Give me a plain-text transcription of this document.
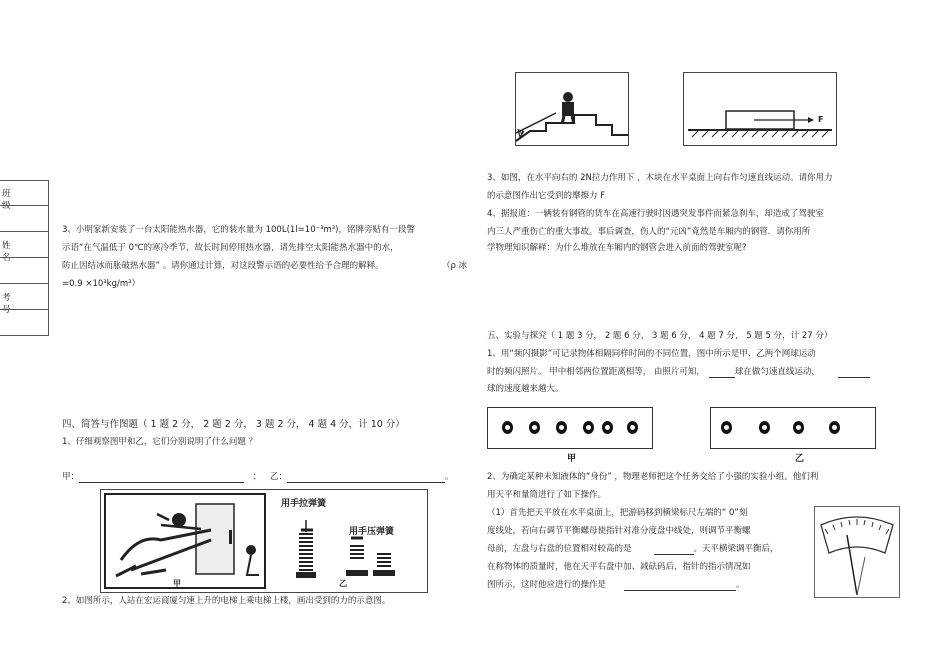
班 级
姓 名
考 号
3、小明家新安装了一台太阳能热水器，它的装水量为 100L(1l=10⁻³m³)，铭牌旁贴有一段警
示语“在气温低于 0℃的寒冷季节，故长时间停用热水器，请先排空太阳能热水器中的水，
防止因结冰而胀破热水器” 。请你通过计算，对这段警示语的必要性给予合理的解释。	（ρ 冰
=0.9 ×10³kg/m³）
四、简答与作图题（ 1 题 2 分， 2 题 2 分， 3 题 2 分， 4 题 4 分，计 10 分）
1、仔细观察图甲和乙，它们分别说明了什么问题 ？
甲：	； 乙：	。
用手拉弹簧
用手压弹簧
甲	乙
2、如图所示，人站在宏运商厦匀速上升的电梯上乘电梯上楼，画出受到的力的示意图。
v
F
3、如图，在水平向右的 2N拉力作用下 ，木块在水平桌面上向右作匀速直线运动。请你用力
的示意图作出它受到的摩擦力 F
4、据报道：一辆装有钢管的货车在高速行驶时因遇突发事件而紧急刹车，却造成了驾驶室
内三人严重伤亡的重大事故。事后调查，伤人的“元凶”竟然是车厢内的钢管．请你用所
学物理知识解释：为什么堆放在车厢内的钢管会进入前面的驾驶室呢?
五、实验与探究（ 1 题 3 分， 2 题 6 分， 3 题 6 分， 4 题 7 分， 5 题 5 分，计 27 分）
1、用“频闪摄影”可记录物体相隔同样时间的不同位置，图中所示是甲、乙两个网球运动
时的频闪照片。 甲中相邻两位置距离相等， 由照片可知，	球在做匀速直线运动，
球的速度越来越大。
甲	乙
2、为确定某种未知液体的“身份” ，物理老师把这个任务交给了小强的实验小组。他们利
用天平和量筒进行了如下操作。
（1）首先把天平放在水平桌面上，把游码移到横梁标尺左端的“ 0”刻
度线处，若向右调节平衡螺母使指针对准分度盘中线处，则调节平衡螺
母前，左盘与右盘的位置相对较高的是	。天平横梁调平衡后，
在称物体的质量时，他在天平右盘中加、减砝码后，指针的指示情况如
图所示，这时他应进行的操作是	。
